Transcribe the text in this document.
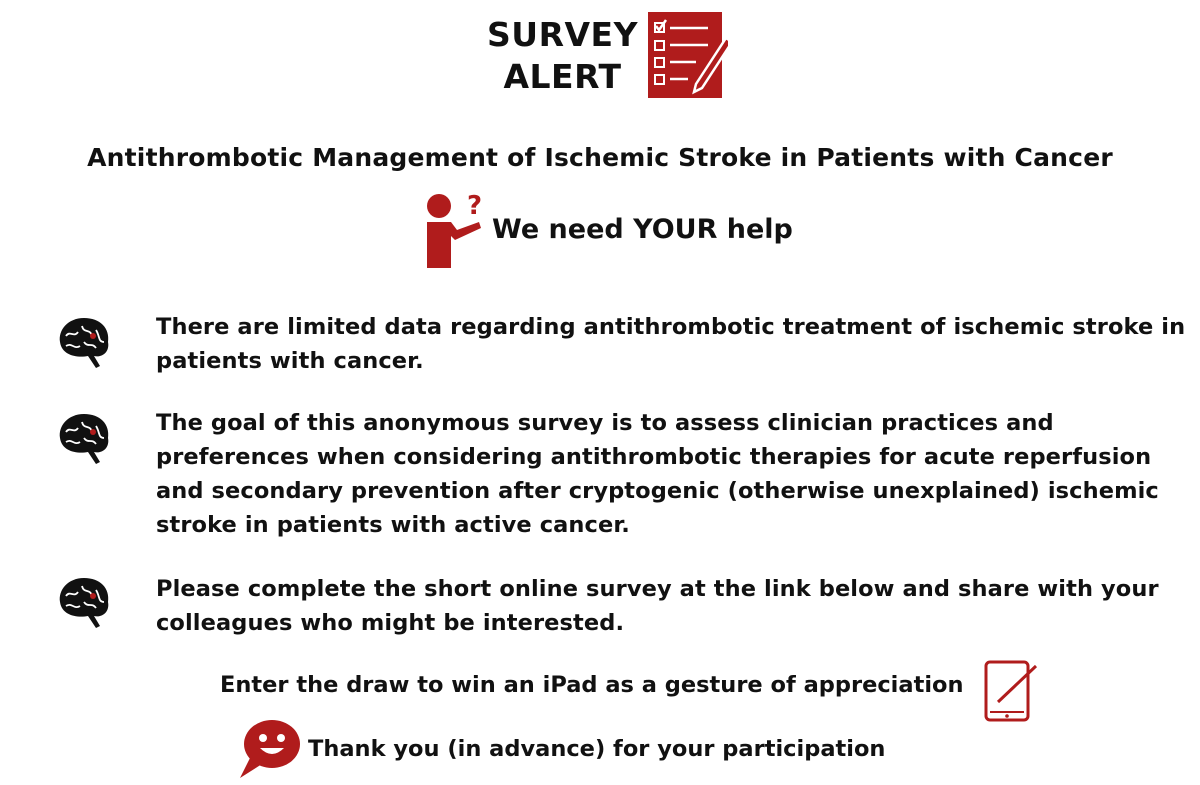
SURVEY
ALERT
Antithrombotic Management of Ischemic Stroke in Patients with Cancer
?
We need YOUR help
There are limited data regarding antithrombotic treatment of ischemic stroke in patients with cancer.
The goal of this anonymous survey is to assess clinician practices and preferences when considering antithrombotic therapies for acute reperfusion and secondary prevention after cryptogenic (otherwise unexplained) ischemic stroke in patients with active cancer.
Please complete the short online survey at the link below and share with your colleagues who might be interested.
Enter the draw to win an iPad as a gesture of appreciation
Thank you (in advance) for your participation
